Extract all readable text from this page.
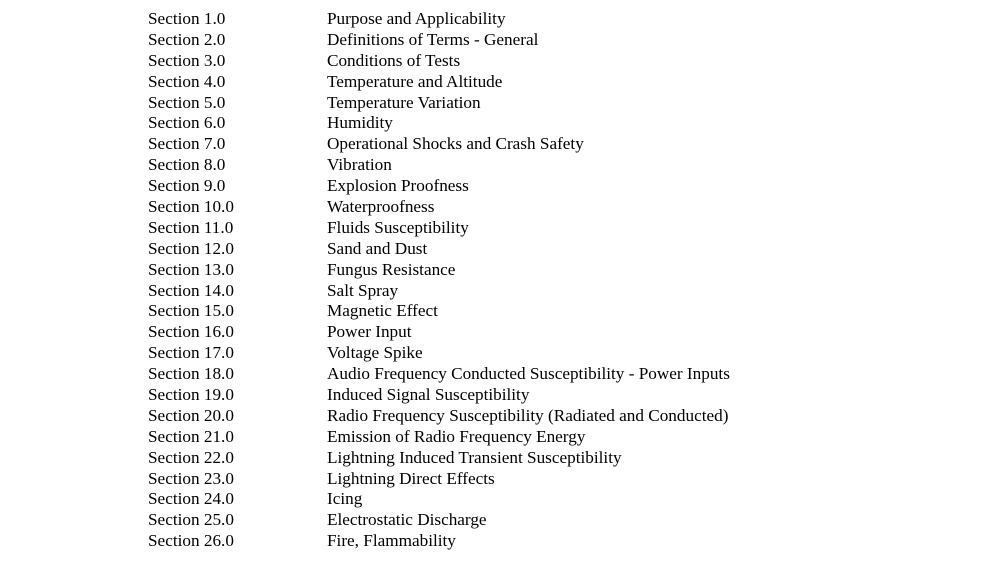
Section 1.0	Purpose and Applicability
Section 2.0	Definitions of Terms - General
Section 3.0	Conditions of Tests
Section 4.0	Temperature and Altitude
Section 5.0	Temperature Variation
Section 6.0	Humidity
Section 7.0	Operational Shocks and Crash Safety
Section 8.0	Vibration
Section 9.0	Explosion Proofness
Section 10.0	Waterproofness
Section 11.0	Fluids Susceptibility
Section 12.0	Sand and Dust
Section 13.0	Fungus Resistance
Section 14.0	Salt Spray
Section 15.0	Magnetic Effect
Section 16.0	Power Input
Section 17.0	Voltage Spike
Section 18.0	Audio Frequency Conducted Susceptibility - Power Inputs
Section 19.0	Induced Signal Susceptibility
Section 20.0	Radio Frequency Susceptibility (Radiated and Conducted)
Section 21.0	Emission of Radio Frequency Energy
Section 22.0	Lightning Induced Transient Susceptibility
Section 23.0	Lightning Direct Effects
Section 24.0	Icing
Section 25.0	Electrostatic Discharge
Section 26.0	Fire, Flammability
